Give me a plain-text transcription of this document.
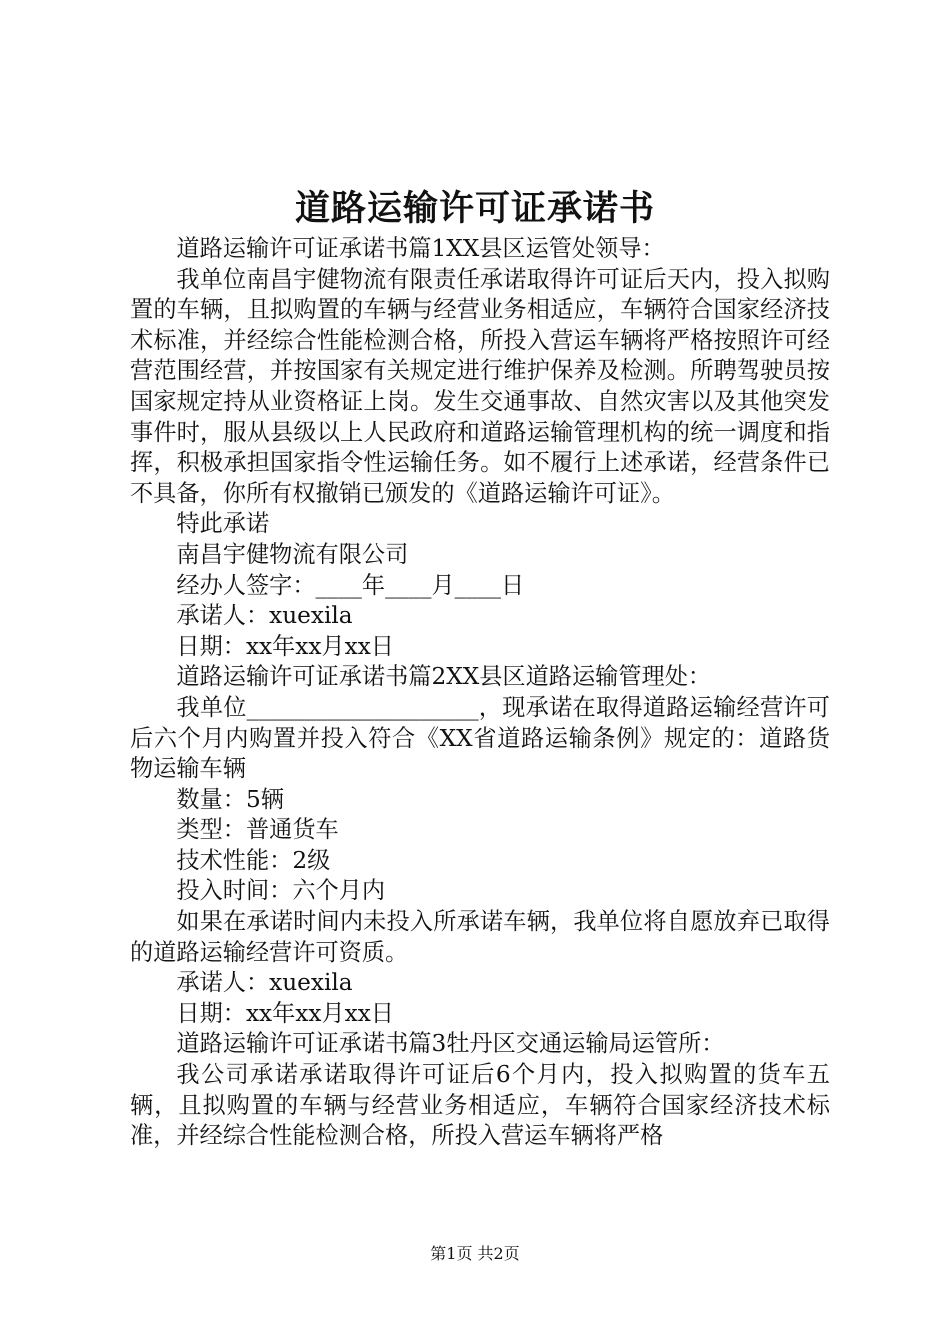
道路运输许可证承诺书

道路运输许可证承诺书篇1XX县区运管处领导：

我单位南昌宇健物流有限责任承诺取得许可证后天内，投入拟购置的车辆，且拟购置的车辆与经营业务相适应，车辆符合国家经济技术标准，并经综合性能检测合格，所投入营运车辆将严格按照许可经营范围经营，并按国家有关规定进行维护保养及检测。所聘驾驶员按国家规定持从业资格证上岗。发生交通事故、自然灾害以及其他突发事件时，服从县级以上人民政府和道路运输管理机构的统一调度和指挥，积极承担国家指令性运输任务。如不履行上述承诺，经营条件已不具备，你所有权撤销已颁发的《道路运输许可证》。

特此承诺

南昌宇健物流有限公司

经办人签字：____年____月____日

承诺人：xuexila

日期：xx年xx月xx日

道路运输许可证承诺书篇2XX县区道路运输管理处：

我单位____________________，现承诺在取得道路运输经营许可后六个月内购置并投入符合《XX省道路运输条例》规定的：道路货物运输车辆

数量：5辆

类型：普通货车

技术性能：2级

投入时间：六个月内

如果在承诺时间内未投入所承诺车辆，我单位将自愿放弃已取得的道路运输经营许可资质。

承诺人：xuexila

日期：xx年xx月xx日

道路运输许可证承诺书篇3牡丹区交通运输局运管所：

我公司承诺承诺取得许可证后6个月内，投入拟购置的货车五辆，且拟购置的车辆与经营业务相适应，车辆符合国家经济技术标准，并经综合性能检测合格，所投入营运车辆将严格

第1页 共2页
